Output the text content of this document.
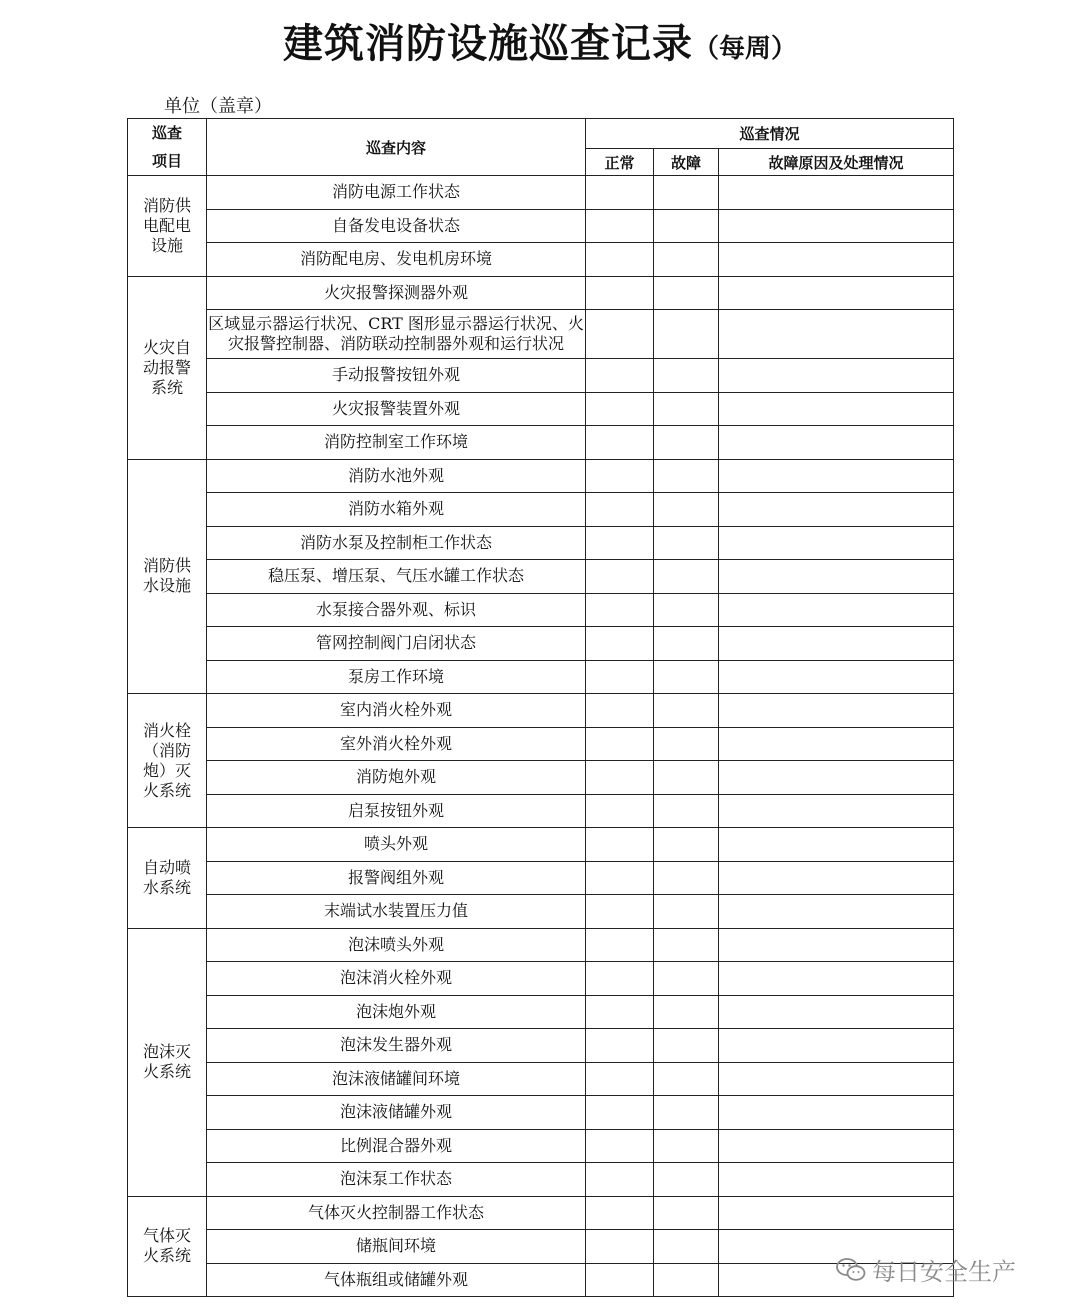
建筑消防设施巡查记录（每周）
单位（盖章）
巡查
项目	巡查内容	巡查情况		
		正常	故障	故障原因及处理情况
消防供电配电设施	消防电源工作状态			
	自备发电设备状态			
	消防配电房、发电机房环境			
火灾自动报警系统	火灾报警探测器外观			
	区域显示器运行状况、CRT 图形显示器运行状况、火灾报警控制器、消防联动控制器外观和运行状况			
	手动报警按钮外观			
	火灾报警装置外观			
	消防控制室工作环境			
消防供水设施	消防水池外观			
	消防水箱外观			
	消防水泵及控制柜工作状态			
	稳压泵、增压泵、气压水罐工作状态			
	水泵接合器外观、标识			
	管网控制阀门启闭状态			
	泵房工作环境			
消火栓（消防炮）灭火系统	室内消火栓外观			
	室外消火栓外观			
	消防炮外观			
	启泵按钮外观			
自动喷水系统	喷头外观			
	报警阀组外观			
	末端试水装置压力值			
泡沫灭火系统	泡沫喷头外观			
	泡沫消火栓外观			
	泡沫炮外观			
	泡沫发生器外观			
	泡沫液储罐间环境			
	泡沫液储罐外观			
	比例混合器外观			
	泡沫泵工作状态			
气体灭火系统	气体灭火控制器工作状态			
	储瓶间环境			
	气体瓶组或储罐外观				每日安全生产
